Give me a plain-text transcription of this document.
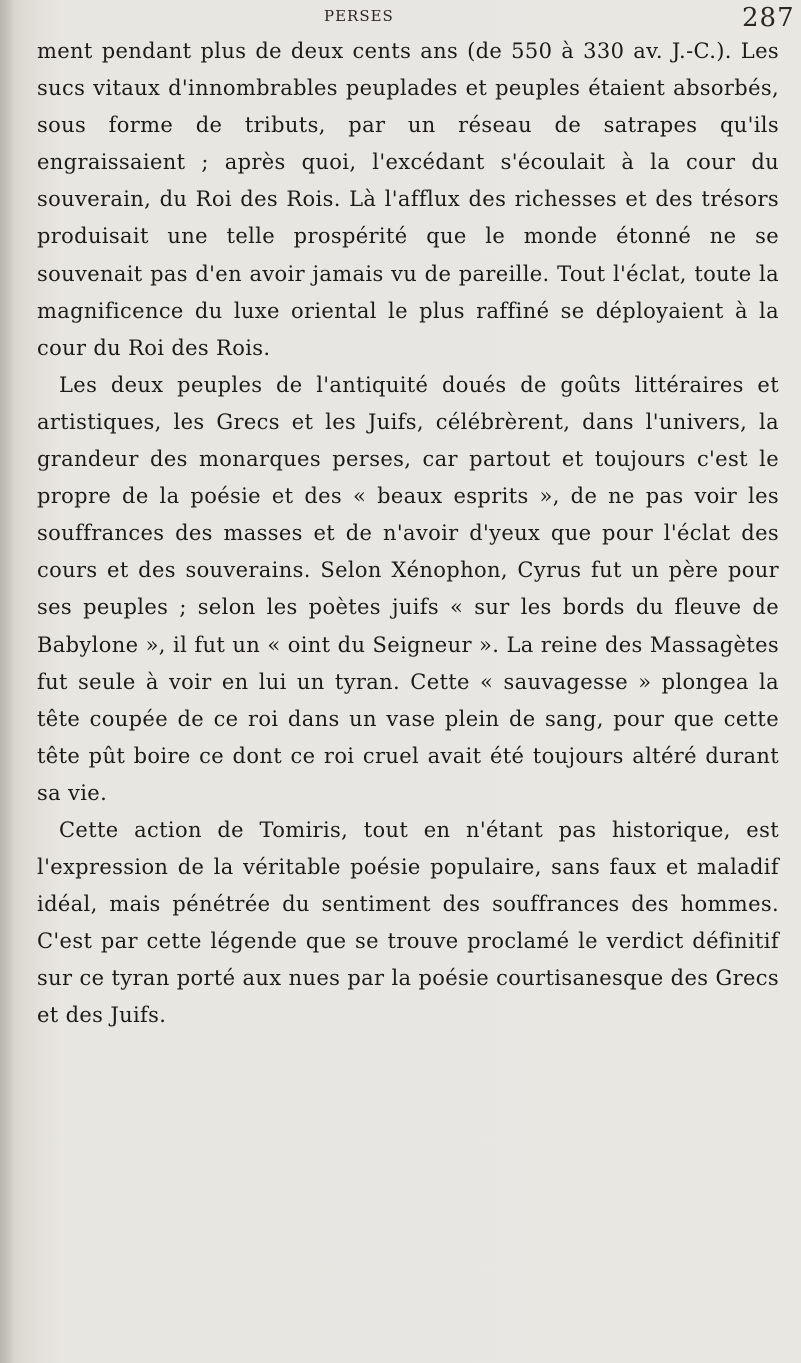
PERSES	287

ment pendant plus de deux cents ans (de 550 à 330 av. J.-C.). Les sucs vitaux d'innombrables peuplades et peuples étaient absorbés, sous forme de tributs, par un réseau de satrapes qu'ils engraissaient ; après quoi, l'excédant s'écoulait à la cour du souverain, du Roi des Rois. Là l'afflux des richesses et des trésors produisait une telle prospérité que le monde étonné ne se souvenait pas d'en avoir jamais vu de pareille. Tout l'éclat, toute la magnificence du luxe oriental le plus raffiné se déployaient à la cour du Roi des Rois.

Les deux peuples de l'antiquité doués de goûts littéraires et artistiques, les Grecs et les Juifs, célébrèrent, dans l'univers, la grandeur des monarques perses, car partout et toujours c'est le propre de la poésie et des « beaux esprits », de ne pas voir les souffrances des masses et de n'avoir d'yeux que pour l'éclat des cours et des souverains. Selon Xénophon, Cyrus fut un père pour ses peuples ; selon les poètes juifs « sur les bords du fleuve de Babylone », il fut un « oint du Seigneur ». La reine des Massagètes fut seule à voir en lui un tyran. Cette « sauvagesse » plongea la tête coupée de ce roi dans un vase plein de sang, pour que cette tête pût boire ce dont ce roi cruel avait été toujours altéré durant sa vie.

Cette action de Tomiris, tout en n'étant pas historique, est l'expression de la véritable poésie populaire, sans faux et maladif idéal, mais pénétrée du sentiment des souffrances des hommes. C'est par cette légende que se trouve proclamé le verdict définitif sur ce tyran porté aux nues par la poésie courtisanesque des Grecs et des Juifs.
